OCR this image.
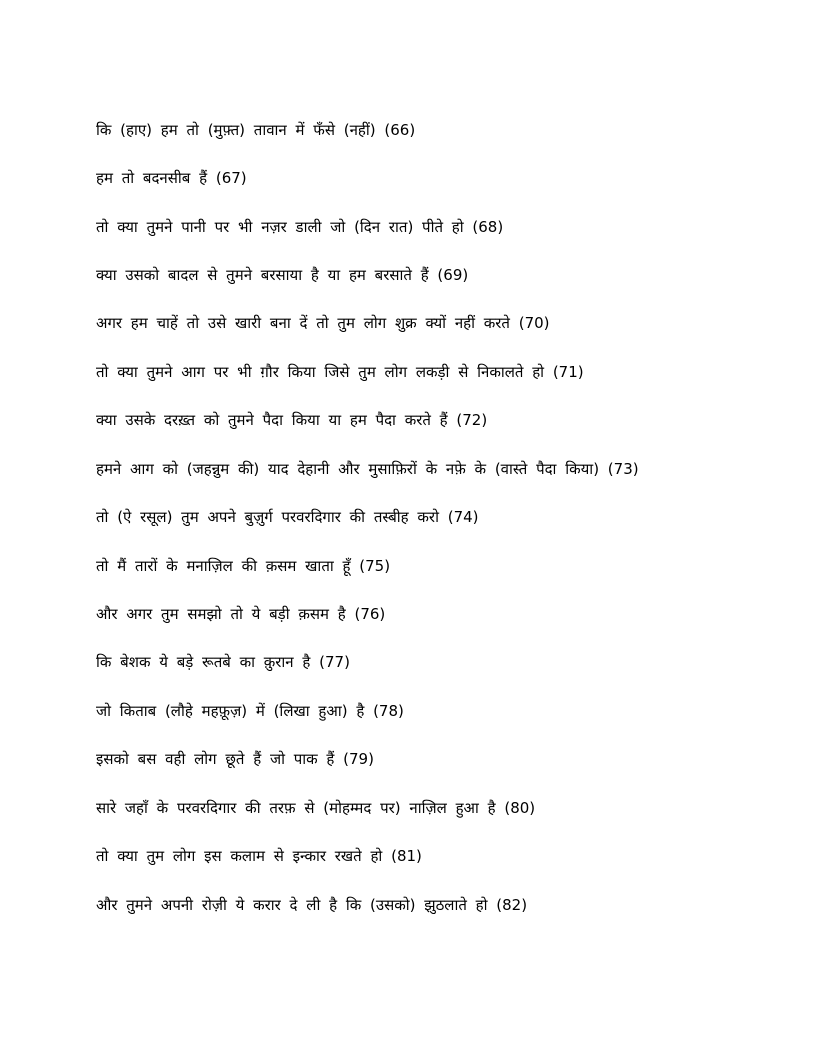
कि (हाए) हम तो (मुफ़्त) तावान में फँसे (नहीं) (66)

हम तो बदनसीब हैं (67)

तो क्या तुमने पानी पर भी नज़र डाली जो (दिन रात) पीते हो (68)

क्या उसको बादल से तुमने बरसाया है या हम बरसाते हैं (69)

अगर हम चाहें तो उसे खारी बना दें तो तुम लोग शुक्र क्यों नहीं करते (70)

तो क्या तुमने आग पर भी ग़ौर किया जिसे तुम लोग लकड़ी से निकालते हो (71)

क्या उसके दरख़्त को तुमने पैदा किया या हम पैदा करते हैं (72)

हमने आग को (जहन्नुम की) याद देहानी और मुसाफ़िरों के नफ़े के (वास्ते पैदा किया) (73)

तो (ऐ रसूल) तुम अपने बुज़ुर्ग परवरदिगार की तस्बीह करो (74)

तो मैं तारों के मनाज़िल की क़सम खाता हूँ (75)

और अगर तुम समझो तो ये बड़ी क़सम है (76)

कि बेशक ये बड़े रूतबे का क़ुरान है (77)

जो किताब (लौहे महफ़ूज़) में (लिखा हुआ) है (78)

इसको बस वही लोग छूते हैं जो पाक हैं (79)

सारे जहाँ के परवरदिगार की तरफ़ से (मोहम्मद पर) नाज़िल हुआ है (80)

तो क्या तुम लोग इस कलाम से इन्कार रखते हो (81)

और तुमने अपनी रोज़ी ये करार दे ली है कि (उसको) झुठलाते हो (82)
